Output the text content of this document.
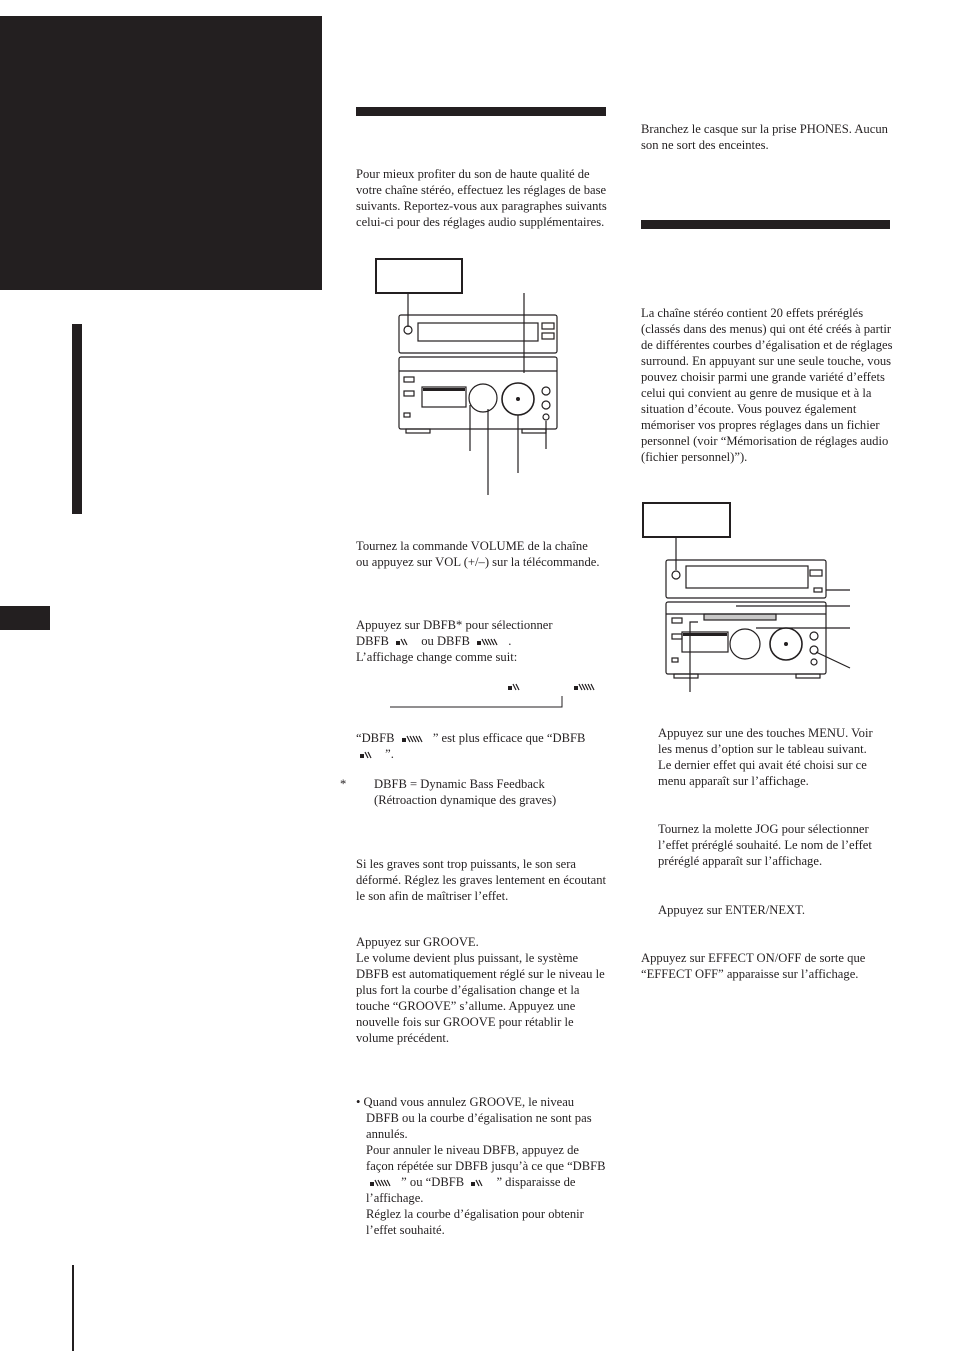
Pour mieux profiter du son de haute qualité de votre chaîne stéréo, effectuez les réglages de base suivants. Reportez-vous aux paragraphes suivants celui-ci pour des réglages audio supplémentaires.
Tournez la commande VOLUME de la chaîne ou appuyez sur VOL (+/–) sur la télécommande.
Appuyez sur DBFB* pour sélectionner
DBFB	ou DBFB	.
L’affichage change comme suit:
“DBFB	” est plus efficace que “DBFB  ”.
* DBFB = Dynamic Bass Feedback (Rétroaction dynamique des graves)
Si les graves sont trop puissants, le son sera déformé. Réglez les graves lentement en écoutant le son afin de maîtriser l’effet.
Appuyez sur GROOVE.
Le volume devient plus puissant, le système DBFB est automatiquement réglé sur le niveau le plus fort la courbe d’égalisation change et la touche “GROOVE” s’allume. Appuyez une nouvelle fois sur GROOVE pour rétablir le volume précédent.
• Quand vous annulez GROOVE, le niveau DBFB ou la courbe d’égalisation ne sont pas annulés.
Pour annuler le niveau DBFB, appuyez de façon répétée sur DBFB jusqu’à ce que “DBFB  ” ou “DBFB	” disparaisse de l’affichage.
Réglez la courbe d’égalisation pour obtenir l’effet souhaité.
Branchez le casque sur la prise PHONES. Aucun son ne sort des enceintes.
La chaîne stéréo contient 20 effets préréglés (classés dans des menus) qui ont été créés à partir de différentes courbes d’égalisation et de réglages surround. En appuyant sur une seule touche, vous pouvez choisir parmi une grande variété d’effets celui qui convient au genre de musique et à la situation d’écoute. Vous pouvez également mémoriser vos propres réglages dans un fichier personnel (voir “Mémorisation de réglages audio (fichier personnel)”).
Appuyez sur une des touches MENU. Voir les menus d’option sur le tableau suivant. Le dernier effet qui avait été choisi sur ce menu apparaît sur l’affichage.
Tournez la molette JOG pour sélectionner l’effet préréglé souhaité. Le nom de l’effet préréglé apparaît sur l’affichage.
Appuyez sur ENTER/NEXT.
Appuyez sur EFFECT ON/OFF de sorte que “EFFECT OFF” apparaisse sur l’affichage.
